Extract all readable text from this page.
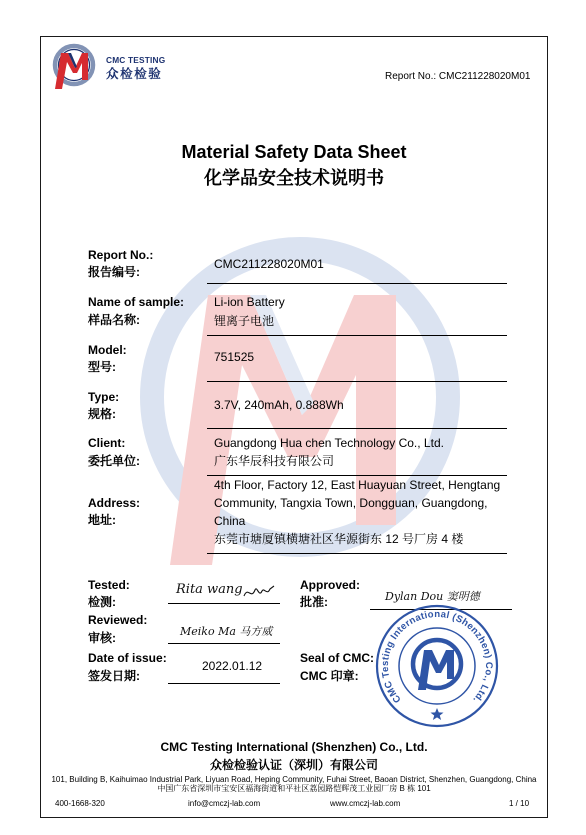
CMC TESTING
众检检验	Report No.: CMC211228020M01
Material Safety Data Sheet
化学品安全技术说明书
Report No.:
报告编号:
CMC211228020M01
Name of sample:
样品名称:
Li-ion Battery
锂离子电池
Model:
型号:
751525
Type:
规格:
3.7V, 240mAh, 0.888Wh
Client:
委托单位:
Guangdong Hua chen Technology Co., Ltd.
广东华辰科技有限公司
Address:
地址:
4th Floor, Factory 12, East Huayuan Street, Hengtang
Community, Tangxia Town, Dongguan, Guangdong,
China
东莞市塘厦镇横塘社区华源街东 12 号厂房 4 楼
Tested:
检测:
Rita wang	Approved:
批准:	Dylan Dou 窦明德
Reviewed:
审核:	Meiko Ma 马方威
Date of issue:
签发日期:
2022.01.12
Seal of CMC:
CMC 印章:
CMC Testing International (Shenzhen) Co., Ltd.
CMC Testing International (Shenzhen) Co., Ltd.
众检检验认证（深圳）有限公司
101, Building B, Kaihuimao Industrial Park, Liyuan Road, Heping Community, Fuhai Street, Baoan District, Shenzhen, Guangdong, China
中国广东省深圳市宝安区福海街道和平社区荔园路恺辉茂工业园厂房 B 栋 101
400-1668-320	info@cmczj-lab.com	www.cmczj-lab.com	1 / 10
